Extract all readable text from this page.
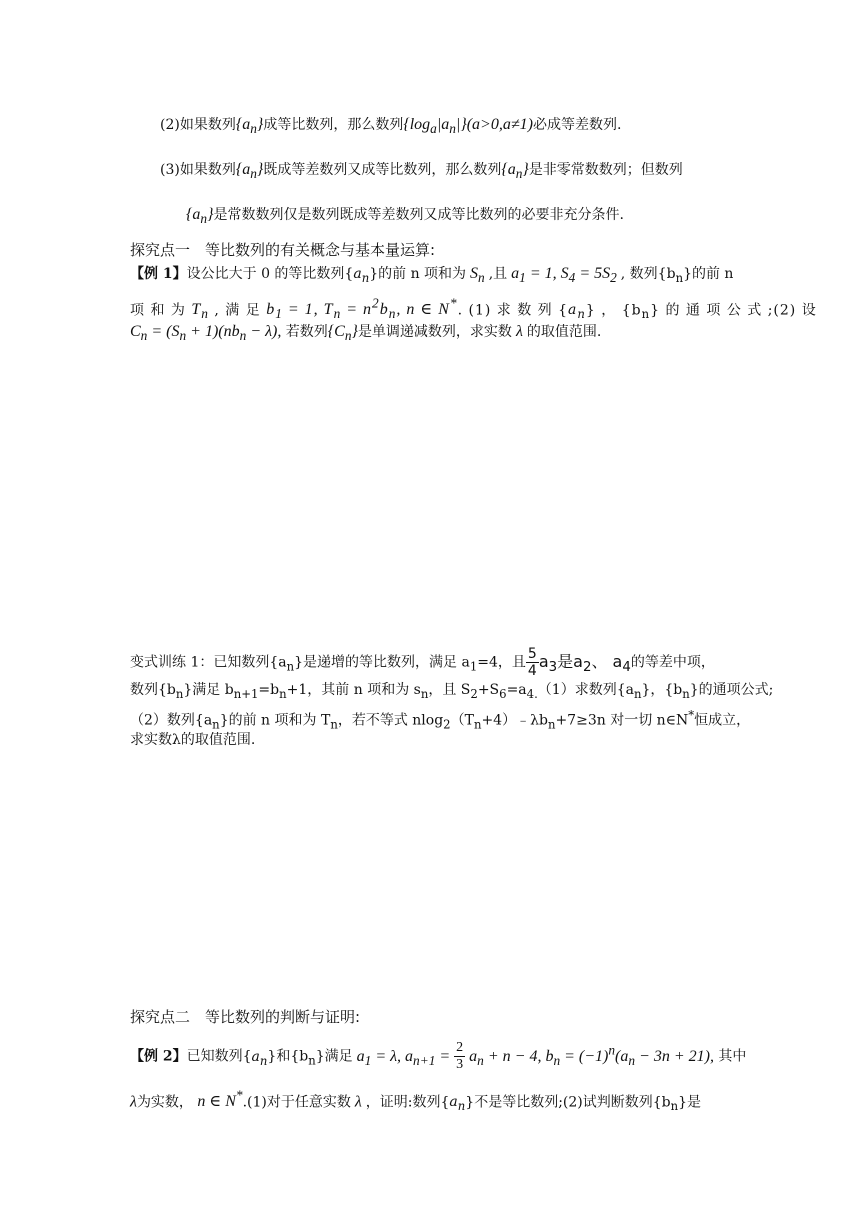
(2)如果数列$\{a_n\}$成等比数列，那么数列$\{\log_a|a_n|\}(a>0,a\ne 1)$必成等差数列.
(3)如果数列$\{a_n\}$既成等差数列又成等比数列，那么数列$\{a_n\}$是非零常数数列；但数列
$\{a_n\}$是常数数列仅是数列既成等差数列又成等比数列的必要非充分条件.
探究点一　等比数列的有关概念与基本量运算:
【例 1】设公比大于 0 的等比数列$\{a_n\}$的前 n 项和为 $S_n$ ,且 $a_1 = 1$, $S_4 = 5S_2$ , 数列$\{b_n\}$的前 n
项 和 为 $T_n$ , 满 足 $b_1 = 1$, $T_n = n^2b_n$, n ∈ N*. (1) 求 数 列 $\{a_n\}$ ， $\{b_n\}$ 的 通 项 公 式 ;(2) 设
$C_n = (S_n + 1)(nb_n - \lambda)$, 若数列$\{C_n\}$是单调递减数列，求实数 λ 的取值范围.
变式训练 1：已知数列$\{a_n\}$是递增的等比数列，满足 $a_1=4$，且 $\frac{5}{4} a_3$是$a_2$、 $a_4$的等差中项，
数列$\{b_n\}$满足 $b_{n+1}=b_n+1$，其前 n 项和为 $s_n$，且 $S_2+S_6=a_{4.}(1)$求数列$\{a_n\}$，$\{b_n\}$的通项公式;
（2）数列$\{a_n\}$的前 n 项和为 $T_n$，若不等式 $nlog_2(T_n+4)﹣\lambda b_n+7\ge 3n$ 对一切 n∈N*恒成立，
求实数λ的取值范围.
探究点二　等比数列的判断与证明:
【例 2】已知数列$\{a_n\}$和$\{b_n\}$满足 $a_1 = \lambda$, $a_{n+1} = \frac{2}{3} a_n + n - 4$, $b_n = (-1)^n(a_n - 3n + 21)$, 其中
λ为实数， n ∈ N*.(1)对于任意实数 λ ，证明:数列$\{a_n\}$不是等比数列;(2)试判断数列$\{b_n\}$是
